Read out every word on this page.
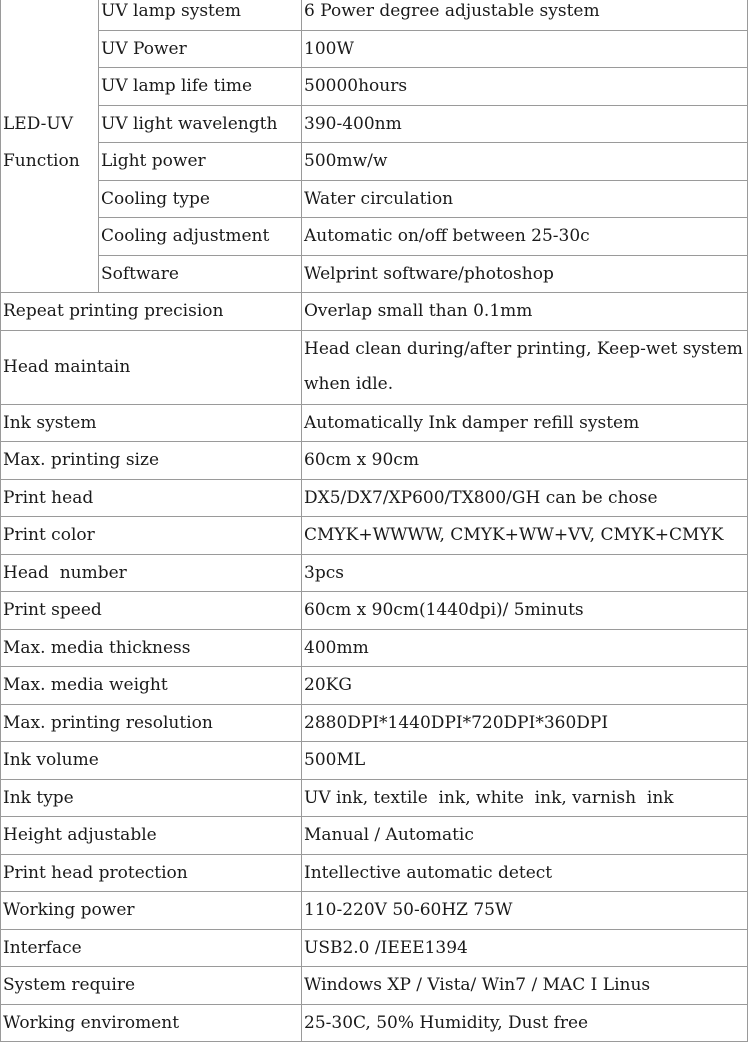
LED-UV
Function	UV lamp system	6 Power degree adjustable system
	UV Power	100W
	UV lamp life time	50000hours
	UV light wavelength	390-400nm
	Light power	500mw/w
	Cooling type	Water circulation
	Cooling adjustment	Automatic on/off between 25-30c
	Software	Welprint software/photoshop
Repeat printing precision		Overlap small than 0.1mm
Head maintain		Head clean during/after printing, Keep-wet system when idle.
Ink system		Automatically Ink damper refill system
Max. printing size		60cm x 90cm
Print head		DX5/DX7/XP600/TX800/GH can be chose
Print color		CMYK+WWWW, CMYK+WW+VV, CMYK+CMYK
Head  number		3pcs
Print speed		60cm x 90cm(1440dpi)/ 5minuts
Max. media thickness		400mm
Max. media weight		20KG
Max. printing resolution		2880DPI*1440DPI*720DPI*360DPI
Ink volume		500ML
Ink type		UV ink, textile  ink, white  ink, varnish  ink
Height adjustable		Manual / Automatic
Print head protection		Intellective automatic detect
Working power		110-220V 50-60HZ 75W
Interface		USB2.0 /IEEE1394
System require		Windows XP / Vista/ Win7 / MAC I Linus
Working enviroment		25-30C, 50% Humidity, Dust free
